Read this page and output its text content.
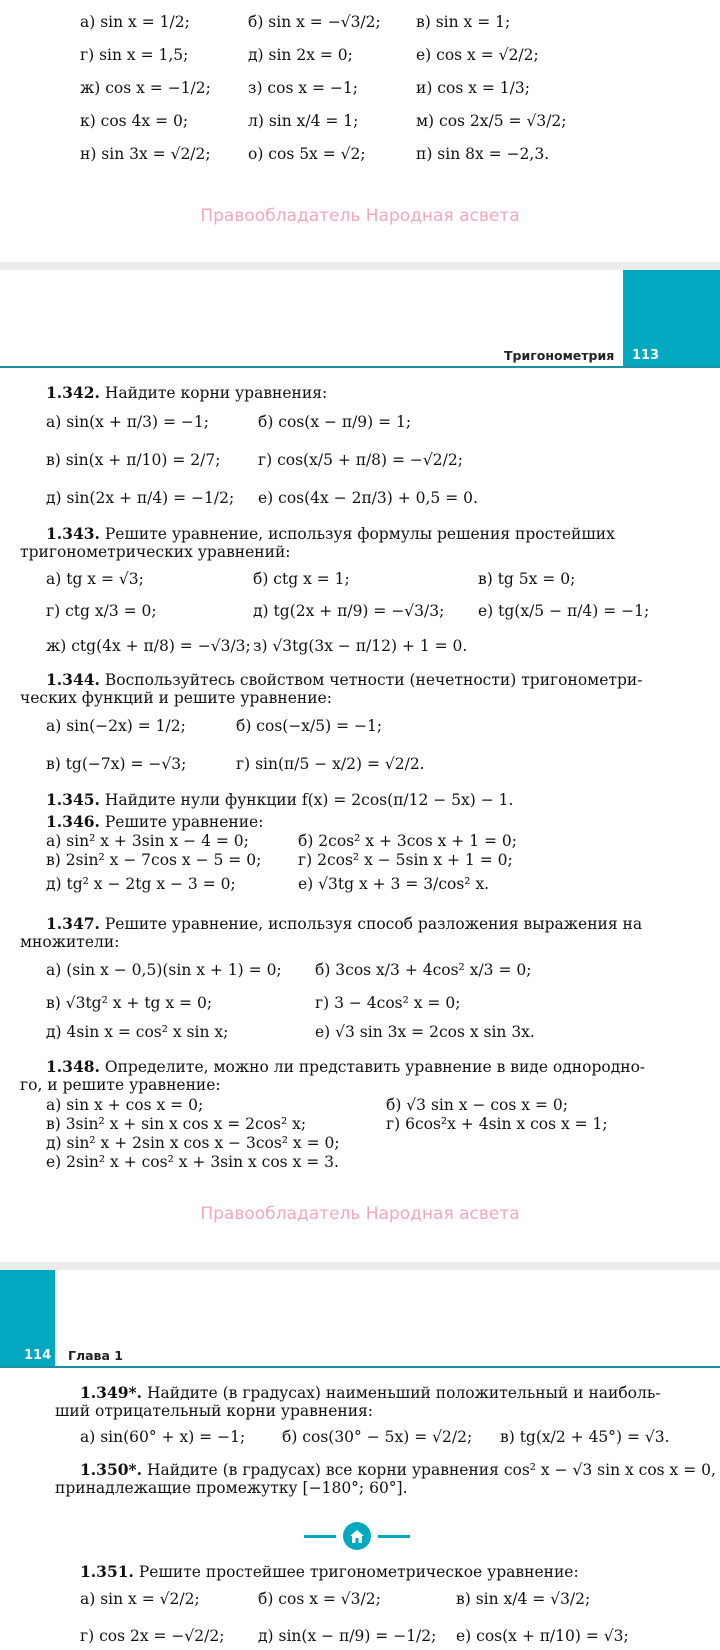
а) sin x = 1/2;	б) sin x = −√3/2; в) sin x = 1;
г) sin x = 1,5;	д) sin 2x = 0;	е) cos x = √2/2;
ж) cos x = −1/2; з) cos x = −1;	и) cos x = 1/3;
к) cos 4x = 0;	л) sin x/4 = 1;	м) cos 2x/5 = √3/2;
н) sin 3x = √2/2; о) cos 5x = √2;	п) sin 8x = −2,3.
Правообладатель Народная асвета
Тригонометрия 113
1.342. Найдите корни уравнения:
а) sin(x + π/3) = −1;	б) cos(x − π/9) = 1;
в) sin(x + π/10) = 2/7; г) cos(x/5 + π/8) = −√2/2;
д) sin(2x + π/4) = −1/2; е) cos(4x − 2π/3) + 0,5 = 0.
1.343. Решите уравнение, используя формулы решения простейших
тригонометрических уравнений:
а) tg x = √3;	б) ctg x = 1;	в) tg 5x = 0;
г) ctg x/3 = 0;	д) tg(2x + π/9) = −√3/3; е) tg(x/5 − π/4) = −1;
ж) ctg(4x + π/8) = −√3/3; з) √3tg(3x − π/12) + 1 = 0.
1.344. Воспользуйтесь свойством четности (нечетности) тригонометри-
ческих функций и решите уравнение:
а) sin(−2x) = 1/2;	б) cos(−x/5) = −1;
в) tg(−7x) = −√3;	г) sin(π/5 − x/2) = √2/2.
1.345. Найдите нули функции f(x) = 2cos(π/12 − 5x) − 1.
1.346. Решите уравнение:
а) sin² x + 3sin x − 4 = 0;	б) 2cos² x + 3cos x + 1 = 0;
в) 2sin² x − 7cos x − 5 = 0; г) 2cos² x − 5sin x + 1 = 0;
д) tg² x − 2tg x − 3 = 0;	е) √3tg x + 3 = 3/cos² x.
1.347. Решите уравнение, используя способ разложения выражения на
множители:
а) (sin x − 0,5)(sin x + 1) = 0; б) 3cos x/3 + 4cos² x/3 = 0;
в) √3tg² x + tg x = 0;	г) 3 − 4cos² x = 0;
д) 4sin x = cos² x sin x;	е) √3 sin 3x = 2cos x sin 3x.
1.348. Определите, можно ли представить уравнение в виде однородно-
го, и решите уравнение:
а) sin x + cos x = 0;	б) √3 sin x − cos x = 0;
в) 3sin² x + sin x cos x = 2cos² x;	г) 6cos²x + 4sin x cos x = 1;
д) sin² x + 2sin x cos x − 3cos² x = 0;
е) 2sin² x + cos² x + 3sin x cos x = 3.
Правообладатель Народная асвета
114 Глава 1
1.349*. Найдите (в градусах) наименьший положительный и наиболь-
ший отрицательный корни уравнения:
а) sin(60° + x) = −1; б) cos(30° − 5x) = √2/2; в) tg(x/2 + 45°) = √3.
1.350*. Найдите (в градусах) все корни уравнения cos² x − √3 sin x cos x = 0,
принадлежащие промежутку [−180°; 60°].
1.351. Решите простейшее тригонометрическое уравнение:
а) sin x = √2/2;	б) cos x = √3/2;	в) sin x/4 = √3/2;
г) cos 2x = −√2/2; д) sin(x − π/9) = −1/2; е) cos(x + π/10) = √3;
